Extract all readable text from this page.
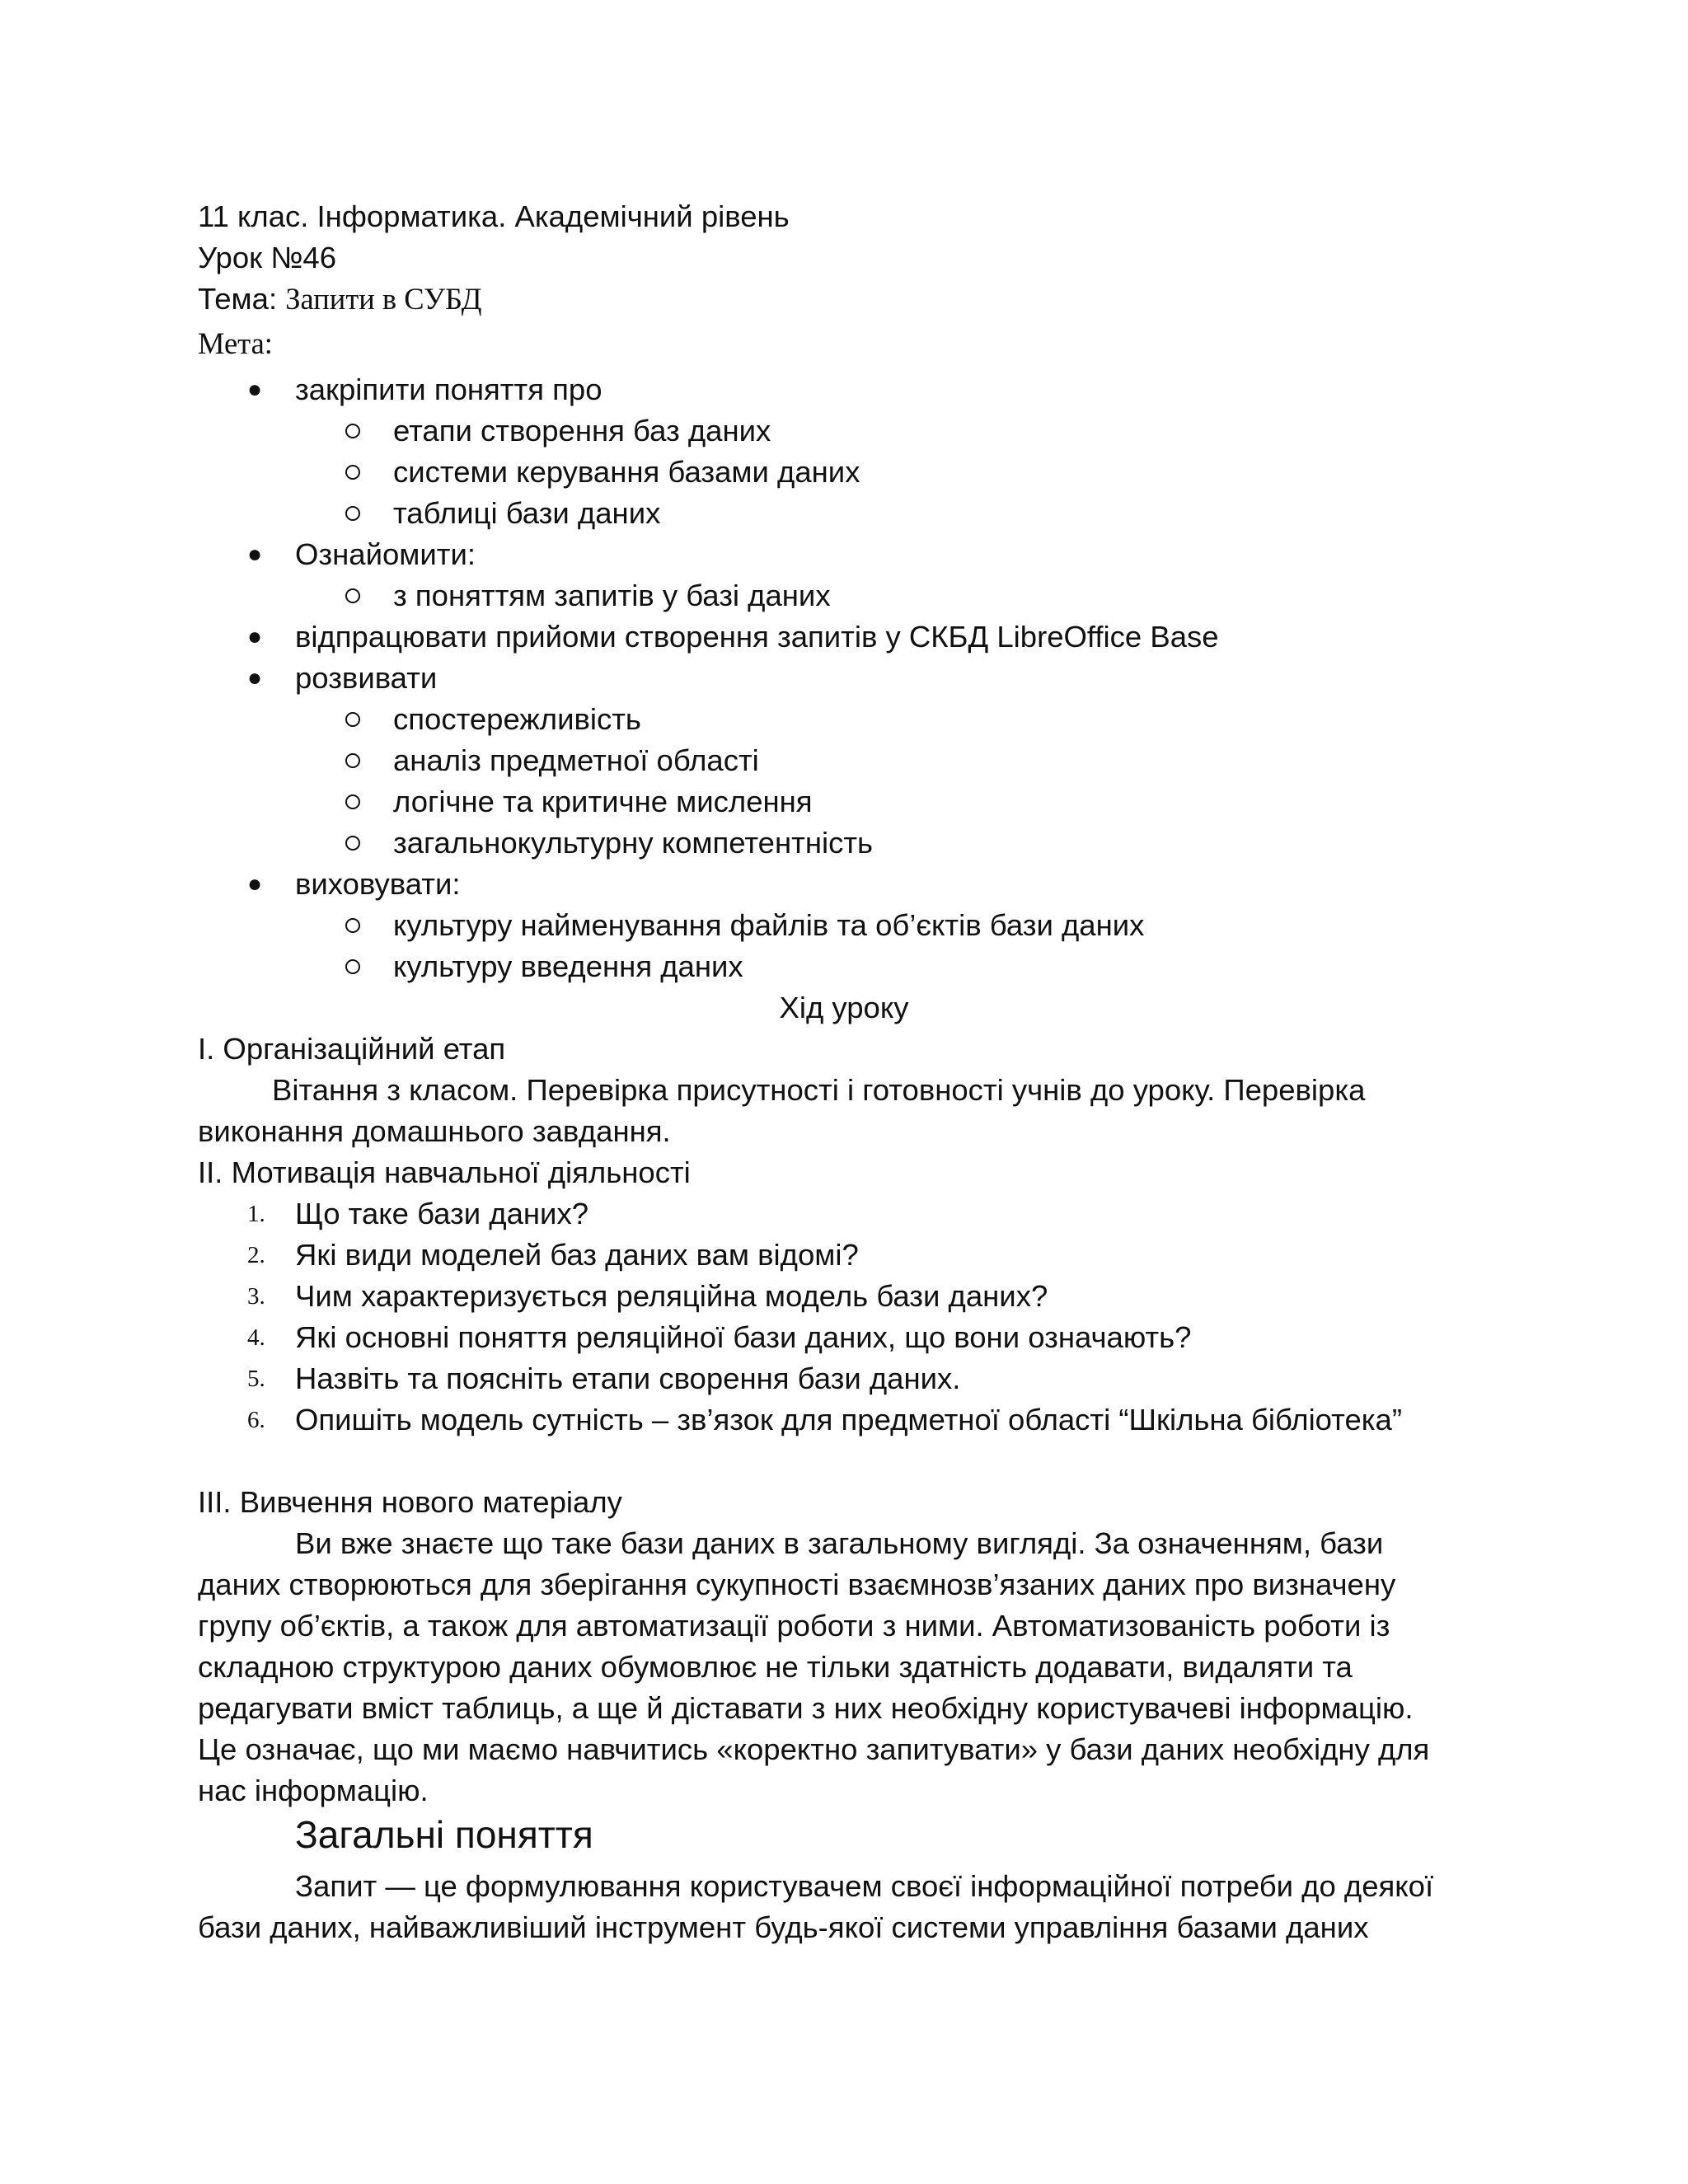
11 клас. Інформатика. Академічний рівень
Урок №46
Тема: Запити в СУБД
Мета:
● закріпити поняття про
етапи створення баз даних
системи керування базами даних
таблиці бази даних
● Ознайомити:
з поняттям запитів у базі даних
● відпрацювати прийоми створення запитів у СКБД LibreOffice Base
● розвивати
спостережливість
аналіз предметної області
логічне та критичне мислення
загальнокультурну компетентність
● виховувати:
культуру найменування файлів та об’єктів бази даних
культуру введення даних
Хід уроку
I. Організаційний етап
Вітання з класом. Перевірка присутності і готовності учнів до уроку. Перевірка
виконання домашнього завдання.
II. Мотивація навчальної діяльності
1. Що таке бази даних?
2. Які види моделей баз даних вам відомі?
3. Чим характеризується реляційна модель бази даних?
4. Які основні поняття реляційної бази даних, що вони означають?
5. Назвіть та поясніть етапи сворення бази даних.
6. Опишіть модель сутність – зв’язок для предметної області “Шкільна бібліотека”
III. Вивчення нового матеріалу
Ви вже знаєте що таке бази даних в загальному вигляді. За означенням, бази
даних створюються для зберігання сукупності взаємнозв’язаних даних про визначену
групу об’єктів, а також для автоматизації роботи з ними. Автоматизованість роботи із
складною структурою даних обумовлює не тільки здатність додавати, видаляти та
редагувати вміст таблиць, а ще й діставати з них необхідну користувачеві інформацію.
Це означає, що ми маємо навчитись «коректно запитувати» у бази даних необхідну для
нас інформацію.
Загальні поняття
Запит — це формулювання користувачем своєї інформаційної потреби до деякої
бази даних, найважливіший інструмент будь-якої системи управління базами даних
